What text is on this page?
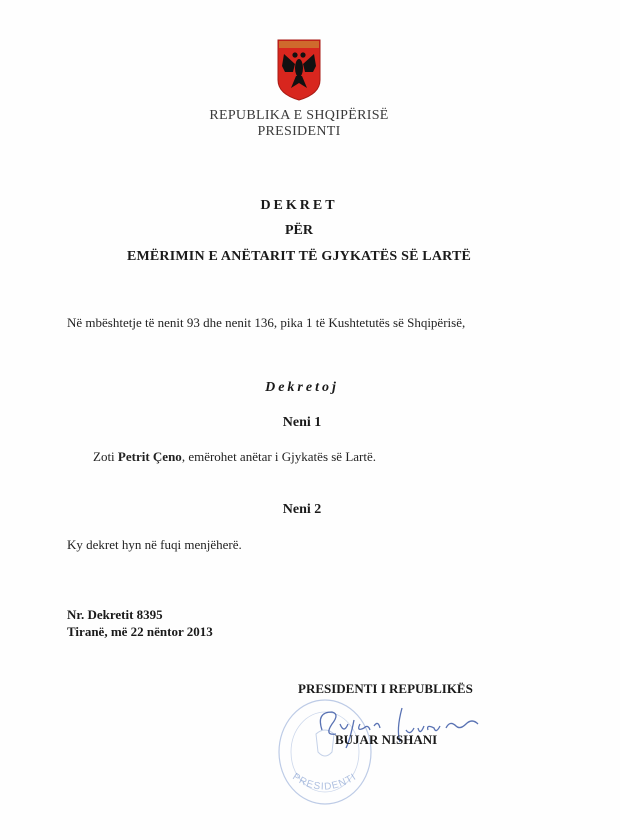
REPUBLIKA E SHQIPËRISË
PRESIDENTI
DEKRET
PËR
EMËRIMIN E ANËTARIT TË GJYKATËS SË LARTË
Në mbështetje të nenit 93 dhe nenit 136, pika 1 të Kushtetutës së Shqipërisë,
Dekretoj
Neni 1
Zoti Petrit Çeno, emërohet anëtar i Gjykatës së Lartë.
Neni 2
Ky dekret hyn në fuqi menjëherë.
Nr. Dekretit 8395
Tiranë, më 22 nëntor 2013
PRESIDENTI
PRESIDENTI I REPUBLIKËS
BUJAR NISHANI
